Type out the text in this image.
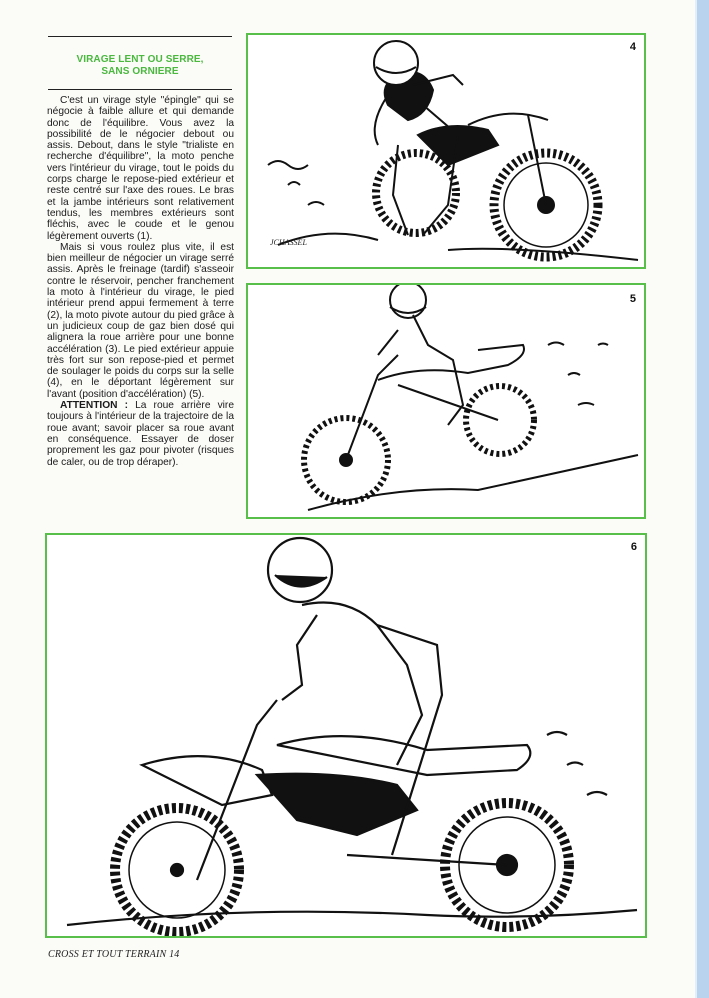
VIRAGE LENT OU SERRE,
SANS ORNIERE

C'est un virage style "épingle" qui se négocie à faible allure et qui demande donc de l'équilibre. Vous avez la possibilité de le négocier debout ou assis. Debout, dans le style "trialiste en recherche d'équilibre", la moto penche vers l'intérieur du virage, tout le poids du corps charge le repose-pied extérieur et reste centré sur l'axe des roues. Le bras et la jambe intérieurs sont relativement tendus, les membres extérieurs sont fléchis, avec le coude et le genou légèrement ouverts (1).

Mais si vous roulez plus vite, il est bien meilleur de négocier un virage serré assis. Après le freinage (tardif) s'asseoir contre le réservoir, pencher franchement la moto à l'intérieur du virage, le pied intérieur prend appui fermement à terre (2), la moto pivote autour du pied grâce à un judicieux coup de gaz bien dosé qui alignera la roue arrière pour une bonne accélération (3). Le pied extérieur appuie très fort sur son repose-pied et permet de soulager le poids du corps sur la selle (4), en le déportant légèrement sur l'avant (position d'accélération) (5).

ATTENTION : La roue arrière vire toujours à l'intérieur de la trajectoire de la roue avant; savoir placer sa roue avant en conséquence. Essayer de doser proprement les gaz pour pivoter (risques de caler, ou de trop déraper).

4
JCHASSEL
5
6
CROSS ET TOUT TERRAIN 14
